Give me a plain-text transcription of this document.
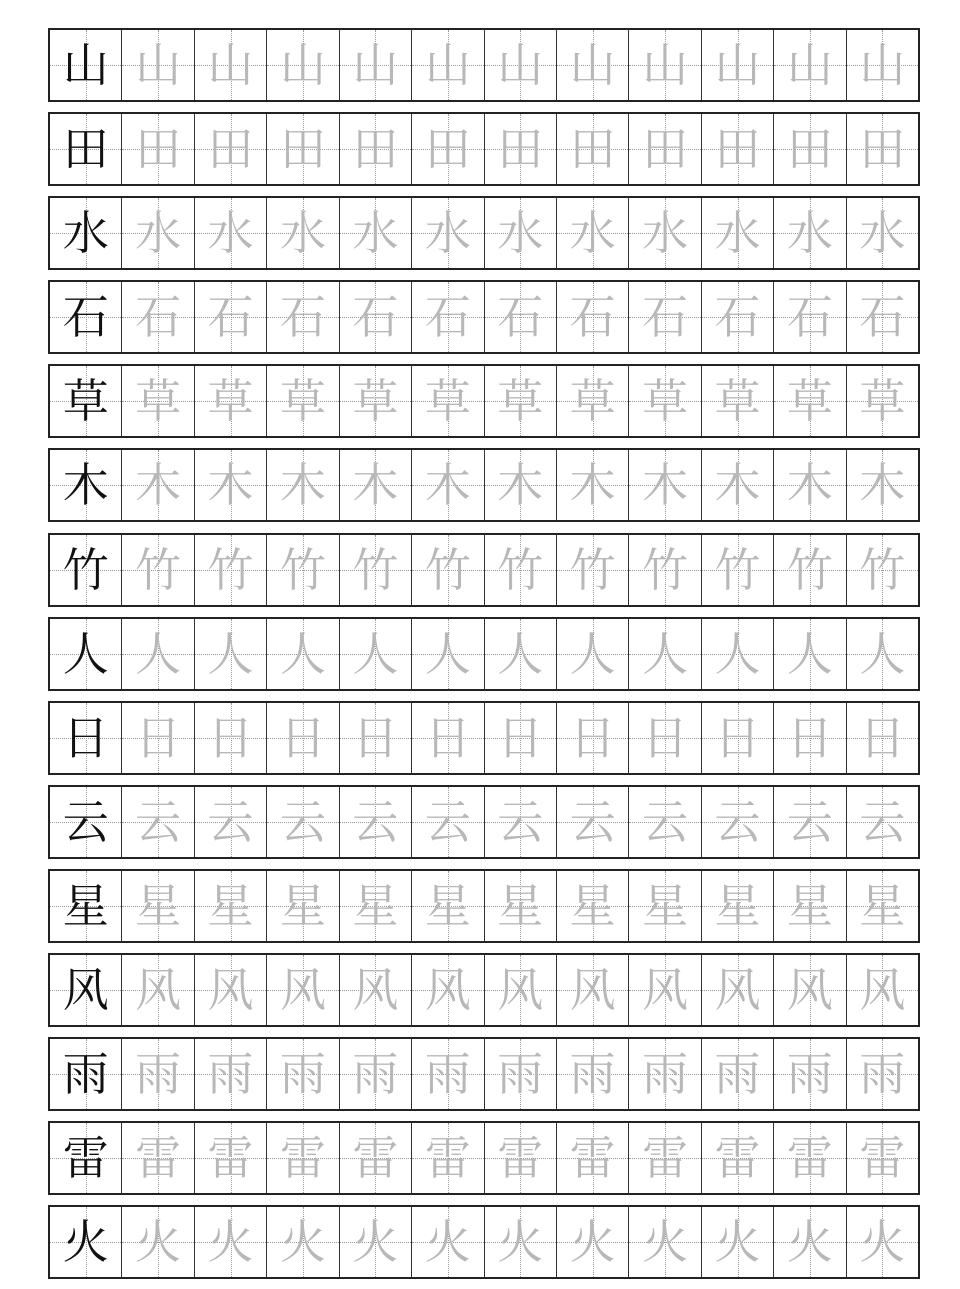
山 山 山 山 山 山 山 山 山 山 山 山
田 田 田 田 田 田 田 田 田 田 田 田
水 水 水 水 水 水 水 水 水 水 水 水
石 石 石 石 石 石 石 石 石 石 石 石
草 草 草 草 草 草 草 草 草 草 草 草
木 木 木 木 木 木 木 木 木 木 木 木
竹 竹 竹 竹 竹 竹 竹 竹 竹 竹 竹 竹
人 人 人 人 人 人 人 人 人 人 人 人
日 日 日 日 日 日 日 日 日 日 日 日
云 云 云 云 云 云 云 云 云 云 云 云
星 星 星 星 星 星 星 星 星 星 星 星
风 风 风 风 风 风 风 风 风 风 风 风
雨 雨 雨 雨 雨 雨 雨 雨 雨 雨 雨 雨
雷 雷 雷 雷 雷 雷 雷 雷 雷 雷 雷 雷
火 火 火 火 火 火 火 火 火 火 火 火
